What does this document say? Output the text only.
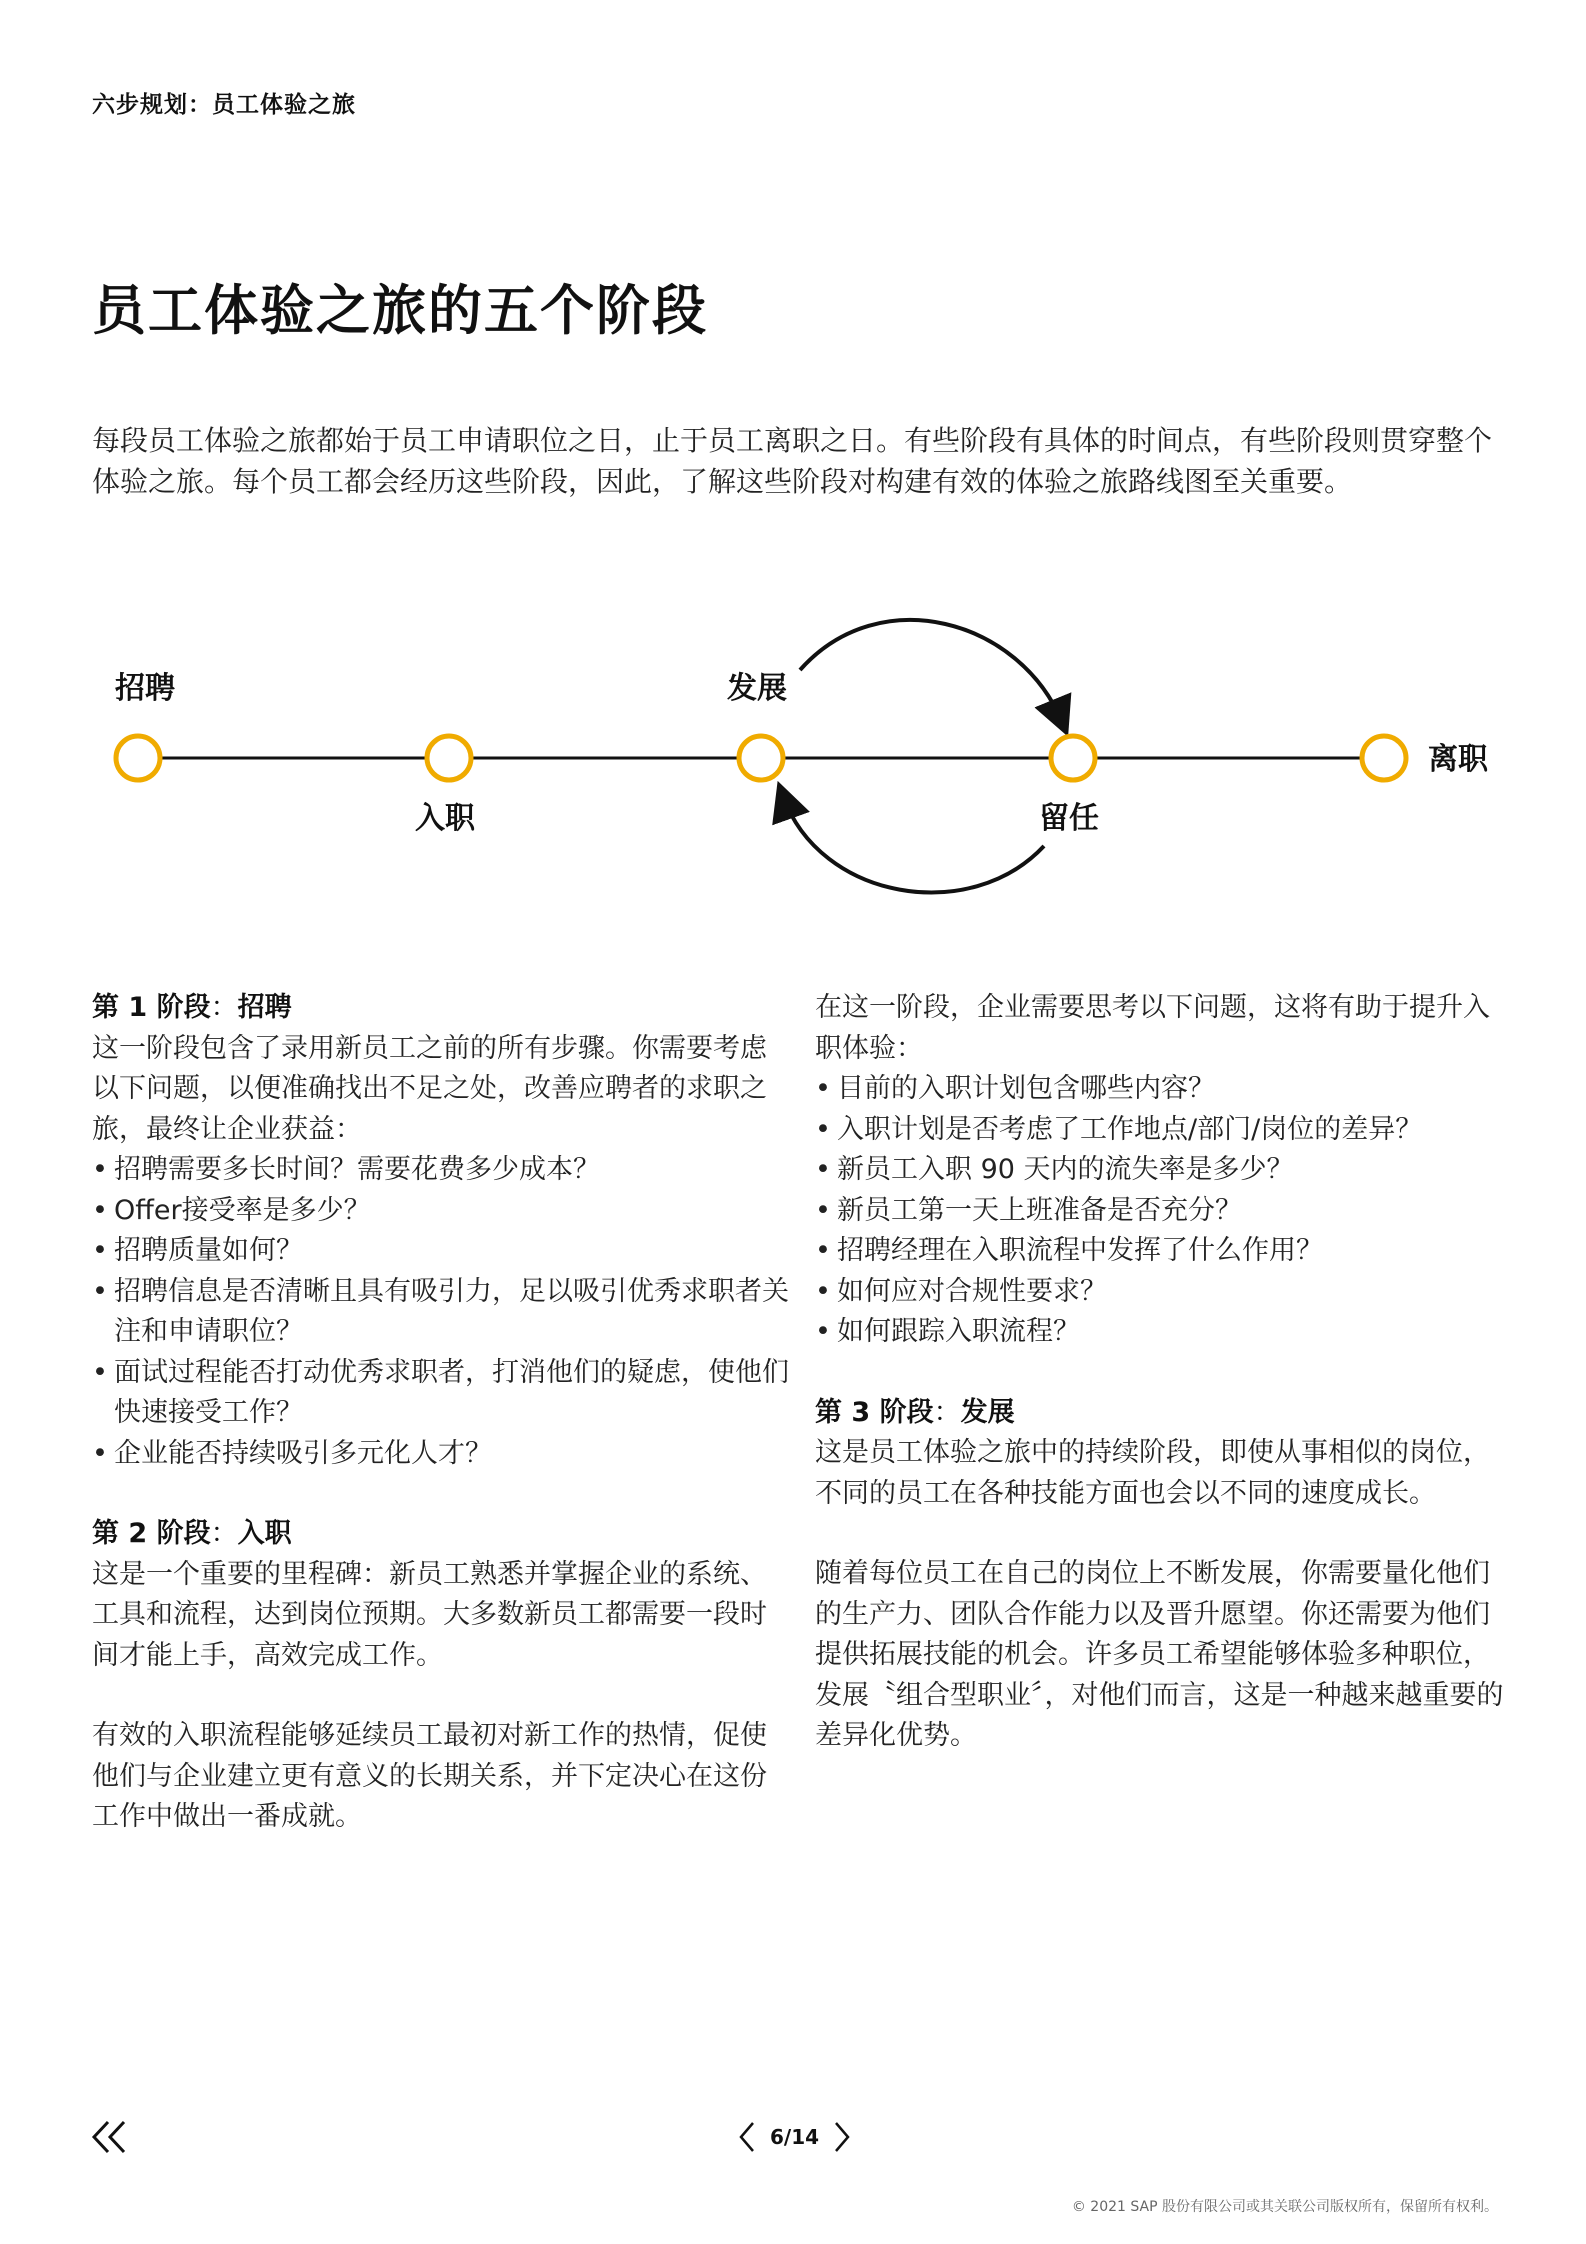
六步规划：员工体验之旅
员工体验之旅的五个阶段

每段员工体验之旅都始于员工申请职位之日，止于员工离职之日。有些阶段有具体的时间点，有些阶段则贯穿整个体验之旅。每个员工都会经历这些阶段，因此，了解这些阶段对构建有效的体验之旅路线图至关重要。

招聘
入职
发展
留任
离职
第 1 阶段：招聘

这一阶段包含了录用新员工之前的所有步骤。你需要考虑以下问题，以便准确找出不足之处，改善应聘者的求职之旅，最终让企业获益：

• 招聘需要多长时间？需要花费多少成本？
• Offer接受率是多少？
• 招聘质量如何？
• 招聘信息是否清晰且具有吸引力，足以吸引优秀求职者关注和申请职位？
• 面试过程能否打动优秀求职者，打消他们的疑虑，使他们快速接受工作？
• 企业能否持续吸引多元化人才？
第 2 阶段：入职

这是一个重要的里程碑：新员工熟悉并掌握企业的系统、工具和流程，达到岗位预期。大多数新员工都需要一段时间才能上手，高效完成工作。

有效的入职流程能够延续员工最初对新工作的热情，促使他们与企业建立更有意义的长期关系，并下定决心在这份工作中做出一番成就。

在这一阶段，企业需要思考以下问题，这将有助于提升入职体验：

• 目前的入职计划包含哪些内容？
• 入职计划是否考虑了工作地点/部门/岗位的差异？
• 新员工入职 90 天内的流失率是多少？
• 新员工第一天上班准备是否充分？
• 招聘经理在入职流程中发挥了什么作用？
• 如何应对合规性要求？
• 如何跟踪入职流程？
第 3 阶段：发展

这是员工体验之旅中的持续阶段，即使从事相似的岗位，不同的员工在各种技能方面也会以不同的速度成长。

随着每位员工在自己的岗位上不断发展，你需要量化他们的生产力、团队合作能力以及晋升愿望。你还需要为他们提供拓展技能的机会。许多员工希望能够体验多种职位，发展〝组合型职业〞，对他们而言，这是一种越来越重要的差异化优势。

6/14
© 2021 SAP 股份有限公司或其关联公司版权所有，保留所有权利。
